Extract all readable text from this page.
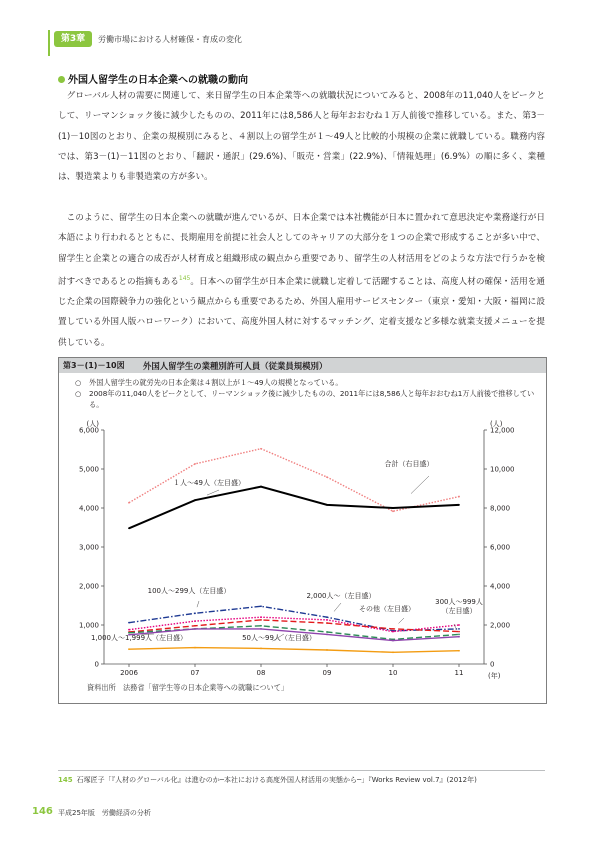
第3章	労働市場における人材確保・育成の変化
外国人留学生の日本企業への就職の動向

グローバル人材の需要に関連して、来日留学生の日本企業等への就職状況についてみると、2008年の11,040人をピークとして、リーマンショック後に減少したものの、2011年には8,586人と毎年おおむね１万人前後で推移している。また、第3－(1)－10図のとおり、企業の規模別にみると、４割以上の留学生が１～49人と比較的小規模の企業に就職している。職務内容では、第3－(1)－11図のとおり、「翻訳・通訳」(29.6%)、「販売・営業」(22.9%)、「情報処理」(6.9%）の順に多く、業種は、製造業よりも非製造業の方が多い。

このように、留学生の日本企業への就職が進んでいるが、日本企業では本社機能が日本に置かれて意思決定や業務遂行が日本語により行われるとともに、長期雇用を前提に社会人としてのキャリアの大部分を１つの企業で形成することが多い中で、留学生と企業との適合の成否が人材育成と組織形成の観点から重要であり、留学生の人材活用をどのような方法で行うかを検討すべきであるとの指摘もある$^{145}$。日本への留学生が日本企業に就職し定着して活躍することは、高度人材の確保・活用を通じた企業の国際競争力の強化という観点からも重要であるため、外国人雇用サービスセンター（東京・愛知・大阪・福岡に設置している外国人版ハローワーク）において、高度外国人材に対するマッチング、定着支援など多様な就業支援メニューを提供している。

第3－(1)－10図 外国人留学生の業種別許可人員（従業員規模別）
○ 外国人留学生の就労先の日本企業は４割以上が１～49人の規模となっている。
○ 2008年の11,040人をピークとして、リーマンショック後に減少したものの、2011年には8,586人と毎年おおむね1万人前後で推移している。
0
1,000
2,000
3,000
4,000
5,000
6,000
0
2,000
4,000
6,000
8,000
10,000
12,000
(人)	(人)
(年)
2006	07	08	09	10	11
合計（右目盛）
１人～49人（左目盛）
100人～299人（左目盛）
2,000人～（左目盛）
その他（左目盛）
300人～999人
（左目盛）
1,000人～1,999人（左目盛）	50人～99人（左目盛）
資料出所　法務省「留学生等の日本企業等への就職について」
145 石塚匠子「『人材のグローバル化』は進むのか─本社における高度外国人材活用の実態から─」『Works Review vol.7』(2012年)
146 平成25年版　労働経済の分析
